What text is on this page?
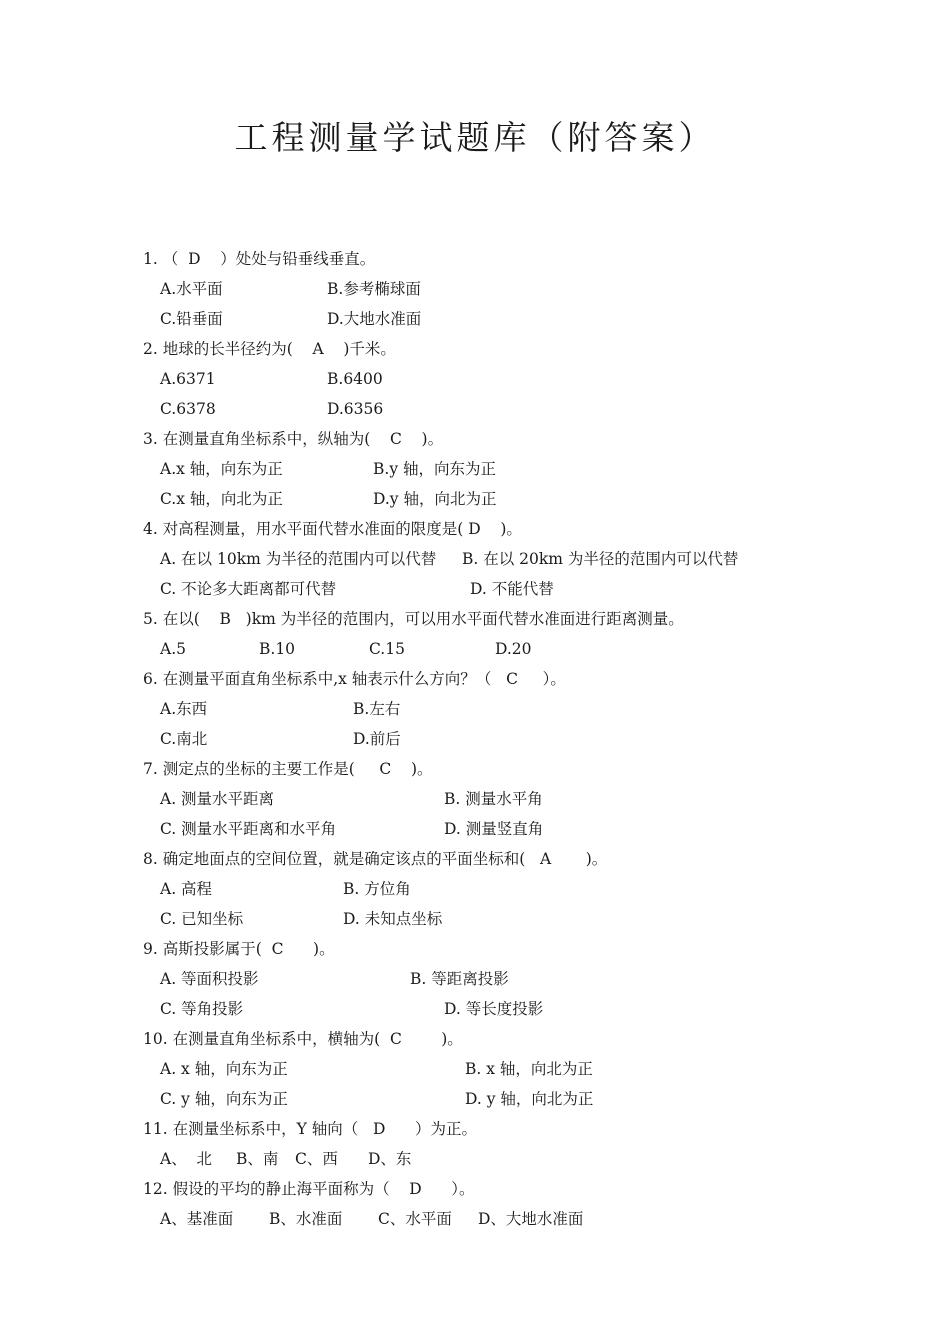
工程测量学试题库（附答案）
1. （  D    ）处处与铅垂线垂直。
A.水平面	B.参考椭球面
C.铅垂面	D.大地水准面
2. 地球的长半径约为(    A    )千米。
A.6371	B.6400
C.6378	D.6356
3. 在测量直角坐标系中，纵轴为(    C    )。
A.x 轴，向东为正	B.y 轴，向东为正
C.x 轴，向北为正	D.y 轴，向北为正
4. 对高程测量，用水平面代替水准面的限度是( D    )。
A. 在以 10km 为半径的范围内可以代替 B. 在以 20km 为半径的范围内可以代替
C. 不论多大距离都可代替	D. 不能代替
5. 在以(    B   )km 为半径的范围内，可以用水平面代替水准面进行距离测量。
A.5	B.10	C.15	D.20
6. 在测量平面直角坐标系中,x 轴表示什么方向？（   C     ）。
A.东西	B.左右
C.南北	D.前后
7. 测定点的坐标的主要工作是(     C    )。
A. 测量水平距离	B. 测量水平角
C. 测量水平距离和水平角	D. 测量竖直角
8. 确定地面点的空间位置，就是确定该点的平面坐标和(   A       )。
A. 高程	B. 方位角
C. 已知坐标	D. 未知点坐标
9. 高斯投影属于(  C      )。
A. 等面积投影	B. 等距离投影
C. 等角投影	D. 等长度投影
10. 在测量直角坐标系中，横轴为(  C        )。
A. x 轴，向东为正	B. x 轴，向北为正
C. y 轴，向东为正	D. y 轴，向北为正
11. 在测量坐标系中，Y 轴向（   D      ）为正。
A、  北 B、南 C、西 D、东
12. 假设的平均的静止海平面称为（    D      ）。
A、基准面 B、水准面 C、水平面 D、大地水准面
